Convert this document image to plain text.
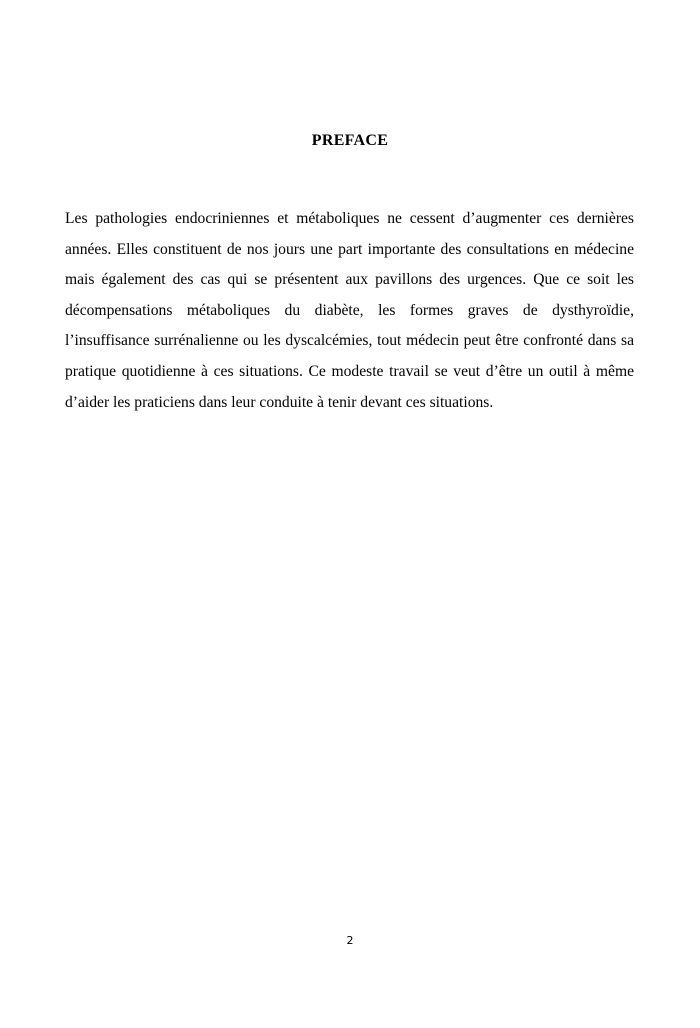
PREFACE

Les pathologies endocriniennes et métaboliques ne cessent d’augmenter ces dernières années. Elles constituent de nos jours une part importante des consultations en médecine mais également des cas qui se présentent aux pavillons des urgences. Que ce soit les décompensations métaboliques du diabète, les formes graves de dysthyroïdie, l’insuffisance surrénalienne ou les dyscalcémies, tout médecin peut être confronté dans sa pratique quotidienne à ces situations. Ce modeste travail se veut d’être un outil à même d’aider les praticiens dans leur conduite à tenir devant ces situations.

2
